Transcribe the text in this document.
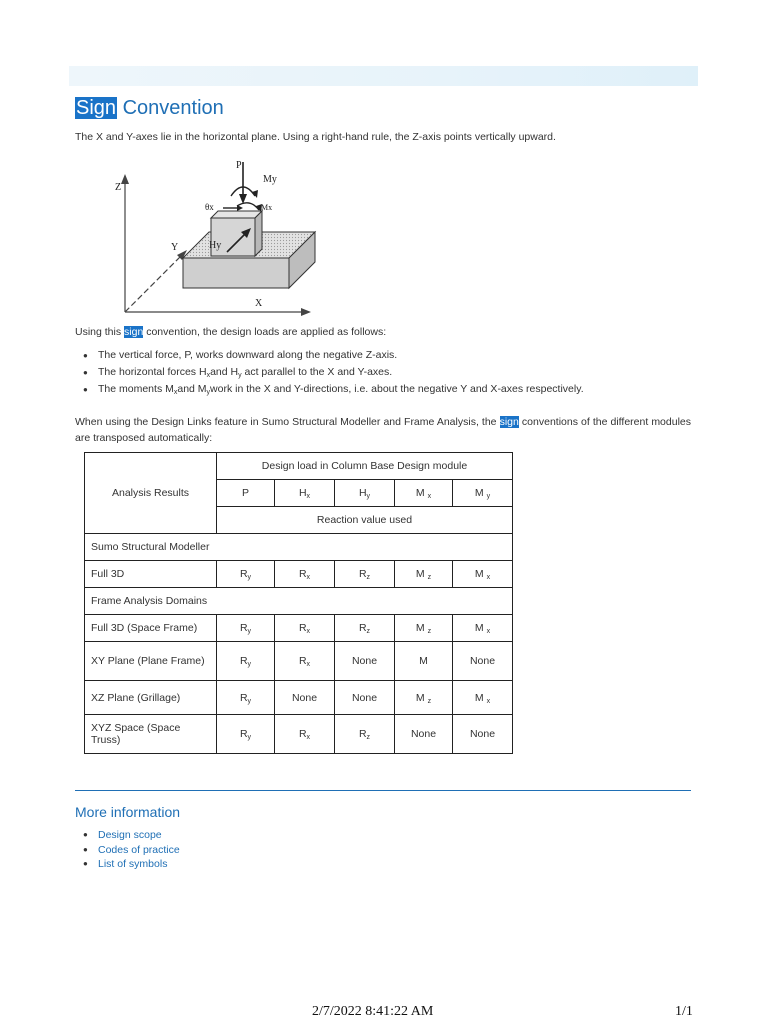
Sign Convention
The X and Y-axes lie in the horizontal plane. Using a right-hand rule, the Z-axis points vertically upward.
Z
Y
X
P
My
Mx
θx
Hy
Using this sign convention, the design loads are applied as follows:
● The vertical force, P, works downward along the negative Z-axis.
● The horizontal forces $H_xand$ $H_y$ act parallel to the X and Y-axes.
● The moments $M_xand$ $M_ywork$ in the X and Y-directions, i.e. about the negative Y and X-axes respectively.
When using the Design Links feature in Sumo Structural Modeller and Frame Analysis, the sign conventions of the different modules are transposed automatically:
Analysis Results	Design load in Column Base Design module				
	P	$H_x$	$H_y$	M $_x$	M $_y$
	Reaction value used				
Sumo Structural Modeller					
Full 3D	$R_y$	$R_x$	$R_z$	M $_z$	M $_x$
Frame Analysis Domains					
Full 3D (Space Frame)	$R_y$	$R_x$	$R_z$	M $_z$	M $_x$
XY Plane (Plane Frame)	$R_y$	$R_x$	None	M	None
XZ Plane (Grillage)	$R_y$	None	None	M $_z$	M $_x$
XYZ Space (Space Truss)	$R_y$	$R_x$	$R_z$	None	None
More information
● Design scope
● Codes of practice
● List of symbols
2/7/2022 8:41:22 AM	1/1
